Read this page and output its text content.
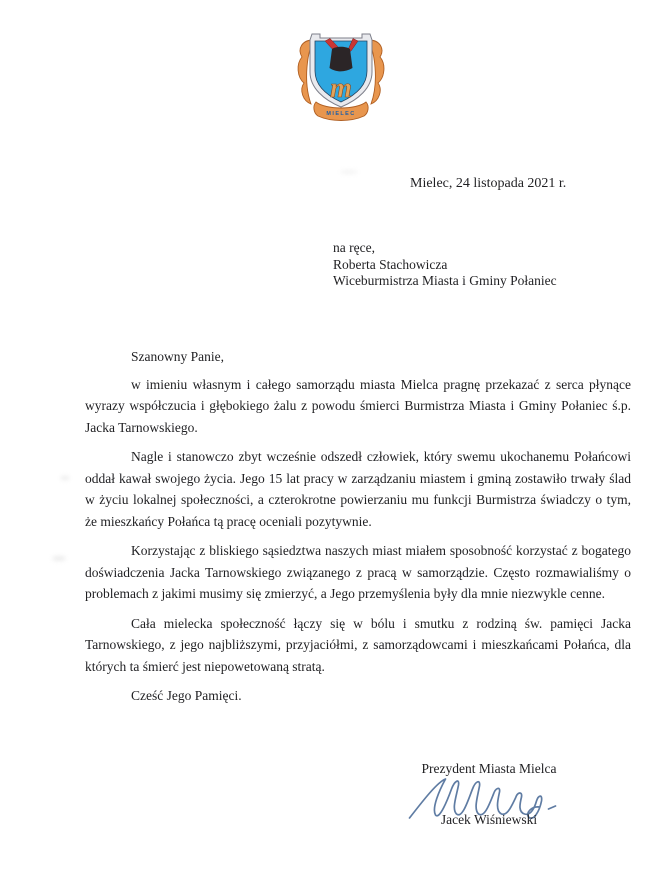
m
MIELEC
Mielec, 24 listopada 2021 r.
na ręce,
Roberta Stachowicza
Wiceburmistrza Miasta i Gminy Połaniec

Szanowny Panie,

w imieniu własnym i całego samorządu miasta Mielca pragnę przekazać z serca płynące wyrazy współczucia i głębokiego żalu z powodu śmierci Burmistrza Miasta i Gminy Połaniec ś.p. Jacka Tarnowskiego.

Nagle i stanowczo zbyt wcześnie odszedł człowiek, który swemu ukochanemu Połańcowi oddał kawał swojego życia. Jego 15 lat pracy w zarządzaniu miastem i gminą zostawiło trwały ślad w życiu lokalnej społeczności, a czterokrotne powierzaniu mu funkcji Burmistrza świadczy o tym, że mieszkańcy Połańca tą pracę oceniali pozytywnie.

Korzystając z bliskiego sąsiedztwa naszych miast miałem sposobność korzystać z bogatego doświadczenia Jacka Tarnowskiego związanego z pracą w samorządzie. Często rozmawialiśmy o problemach z jakimi musimy się zmierzyć, a Jego przemyślenia były dla mnie niezwykle cenne.

Cała mielecka społeczność łączy się w bólu i smutku z rodziną św. pamięci Jacka Tarnowskiego, z jego najbliższymi, przyjaciółmi, z samorządowcami i mieszkańcami Połańca, dla których ta śmierć jest niepowetowaną stratą.

Cześć Jego Pamięci.

Prezydent Miasta Mielca
Jacek Wiśniewski
